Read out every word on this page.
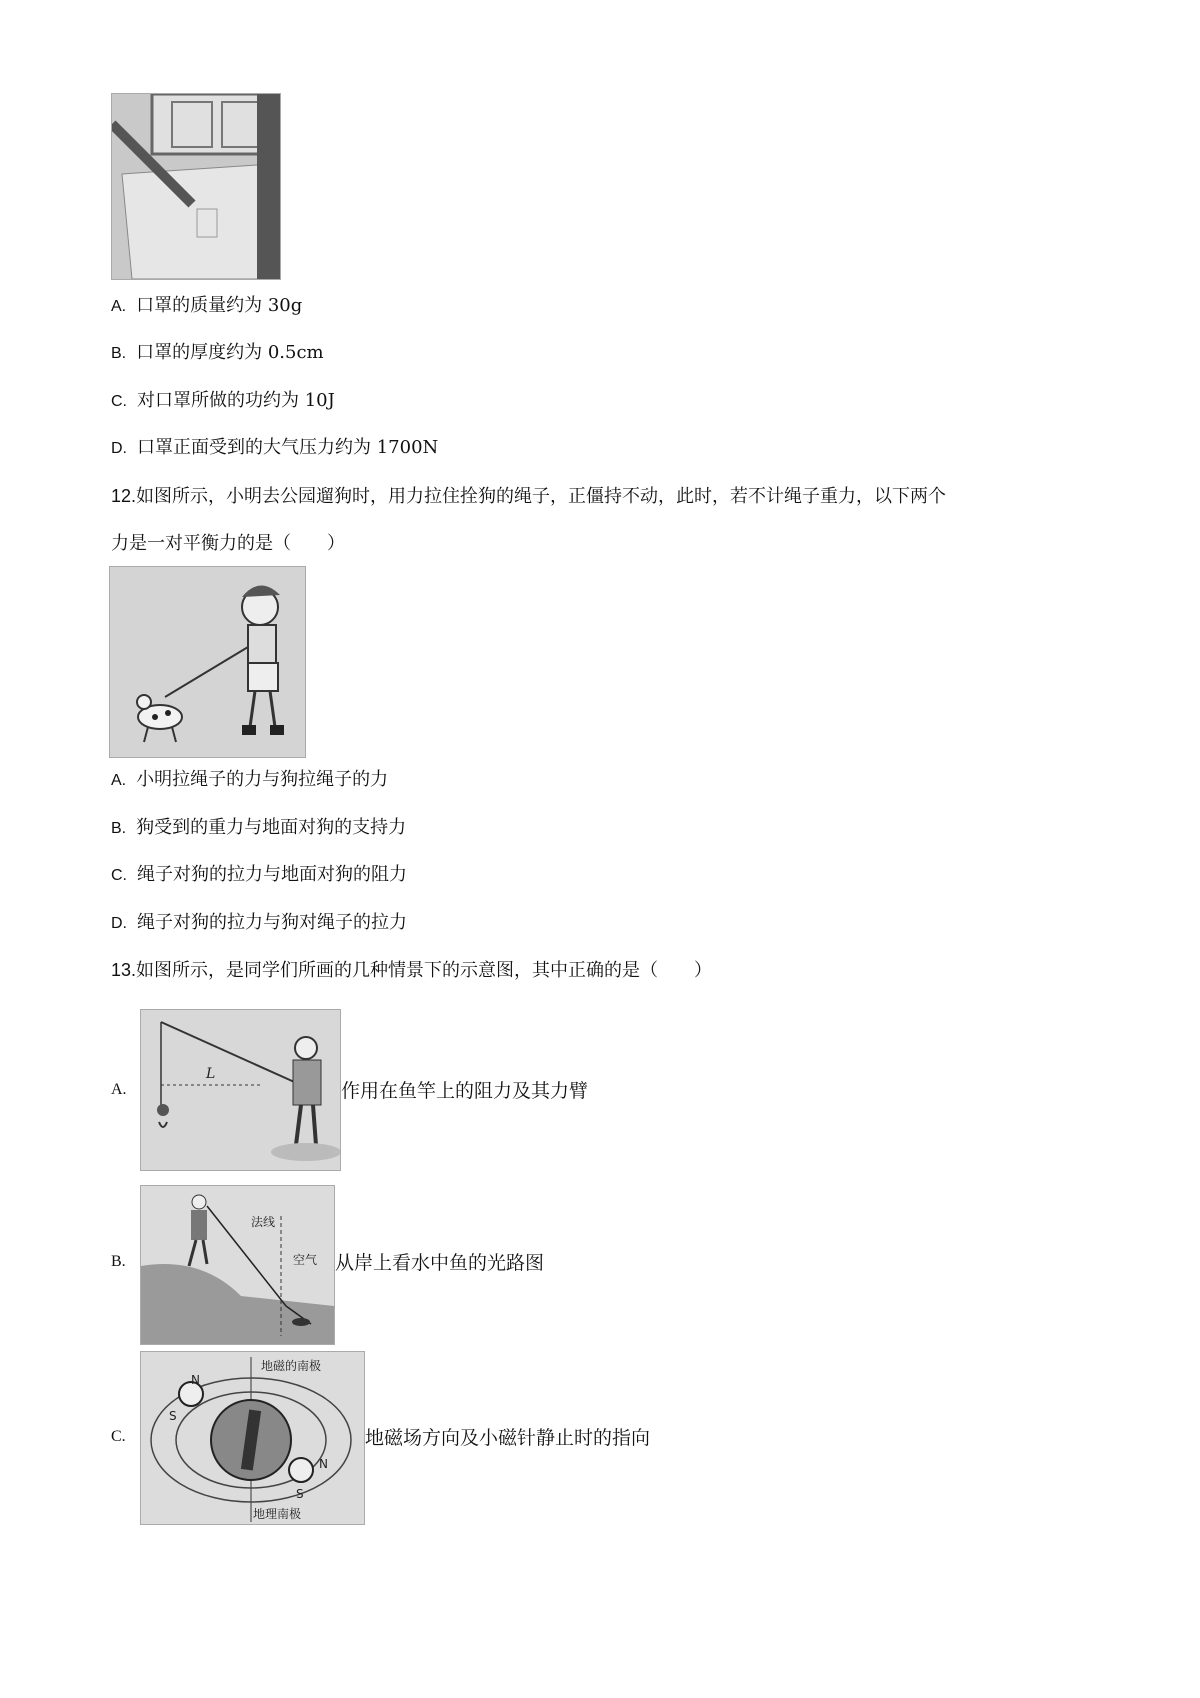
A. 口罩的质量约为 30g
B. 口罩的厚度约为 0.5cm
C. 对口罩所做的功约为 10J
D. 口罩正面受到的大气压力约为 1700N
12.如图所示，小明去公园遛狗时，用力拉住拴狗的绳子，正僵持不动，此时，若不计绳子重力，以下两个
力是一对平衡力的是（　　）
A. 小明拉绳子的力与狗拉绳子的力
B. 狗受到的重力与地面对狗的支持力
C. 绳子对狗的拉力与地面对狗的阻力
D. 绳子对狗的拉力与狗对绳子的拉力
13.如图所示，是同学们所画的几种情景下的示意图，其中正确的是（　　）
A.
L
作用在鱼竿上的阻力及其力臂
B.
法线
空气 从岸上看水中鱼的光路图
C.
地磁的南极
地理南极
N
S
N
S
地磁场方向及小磁针静止时的指向
